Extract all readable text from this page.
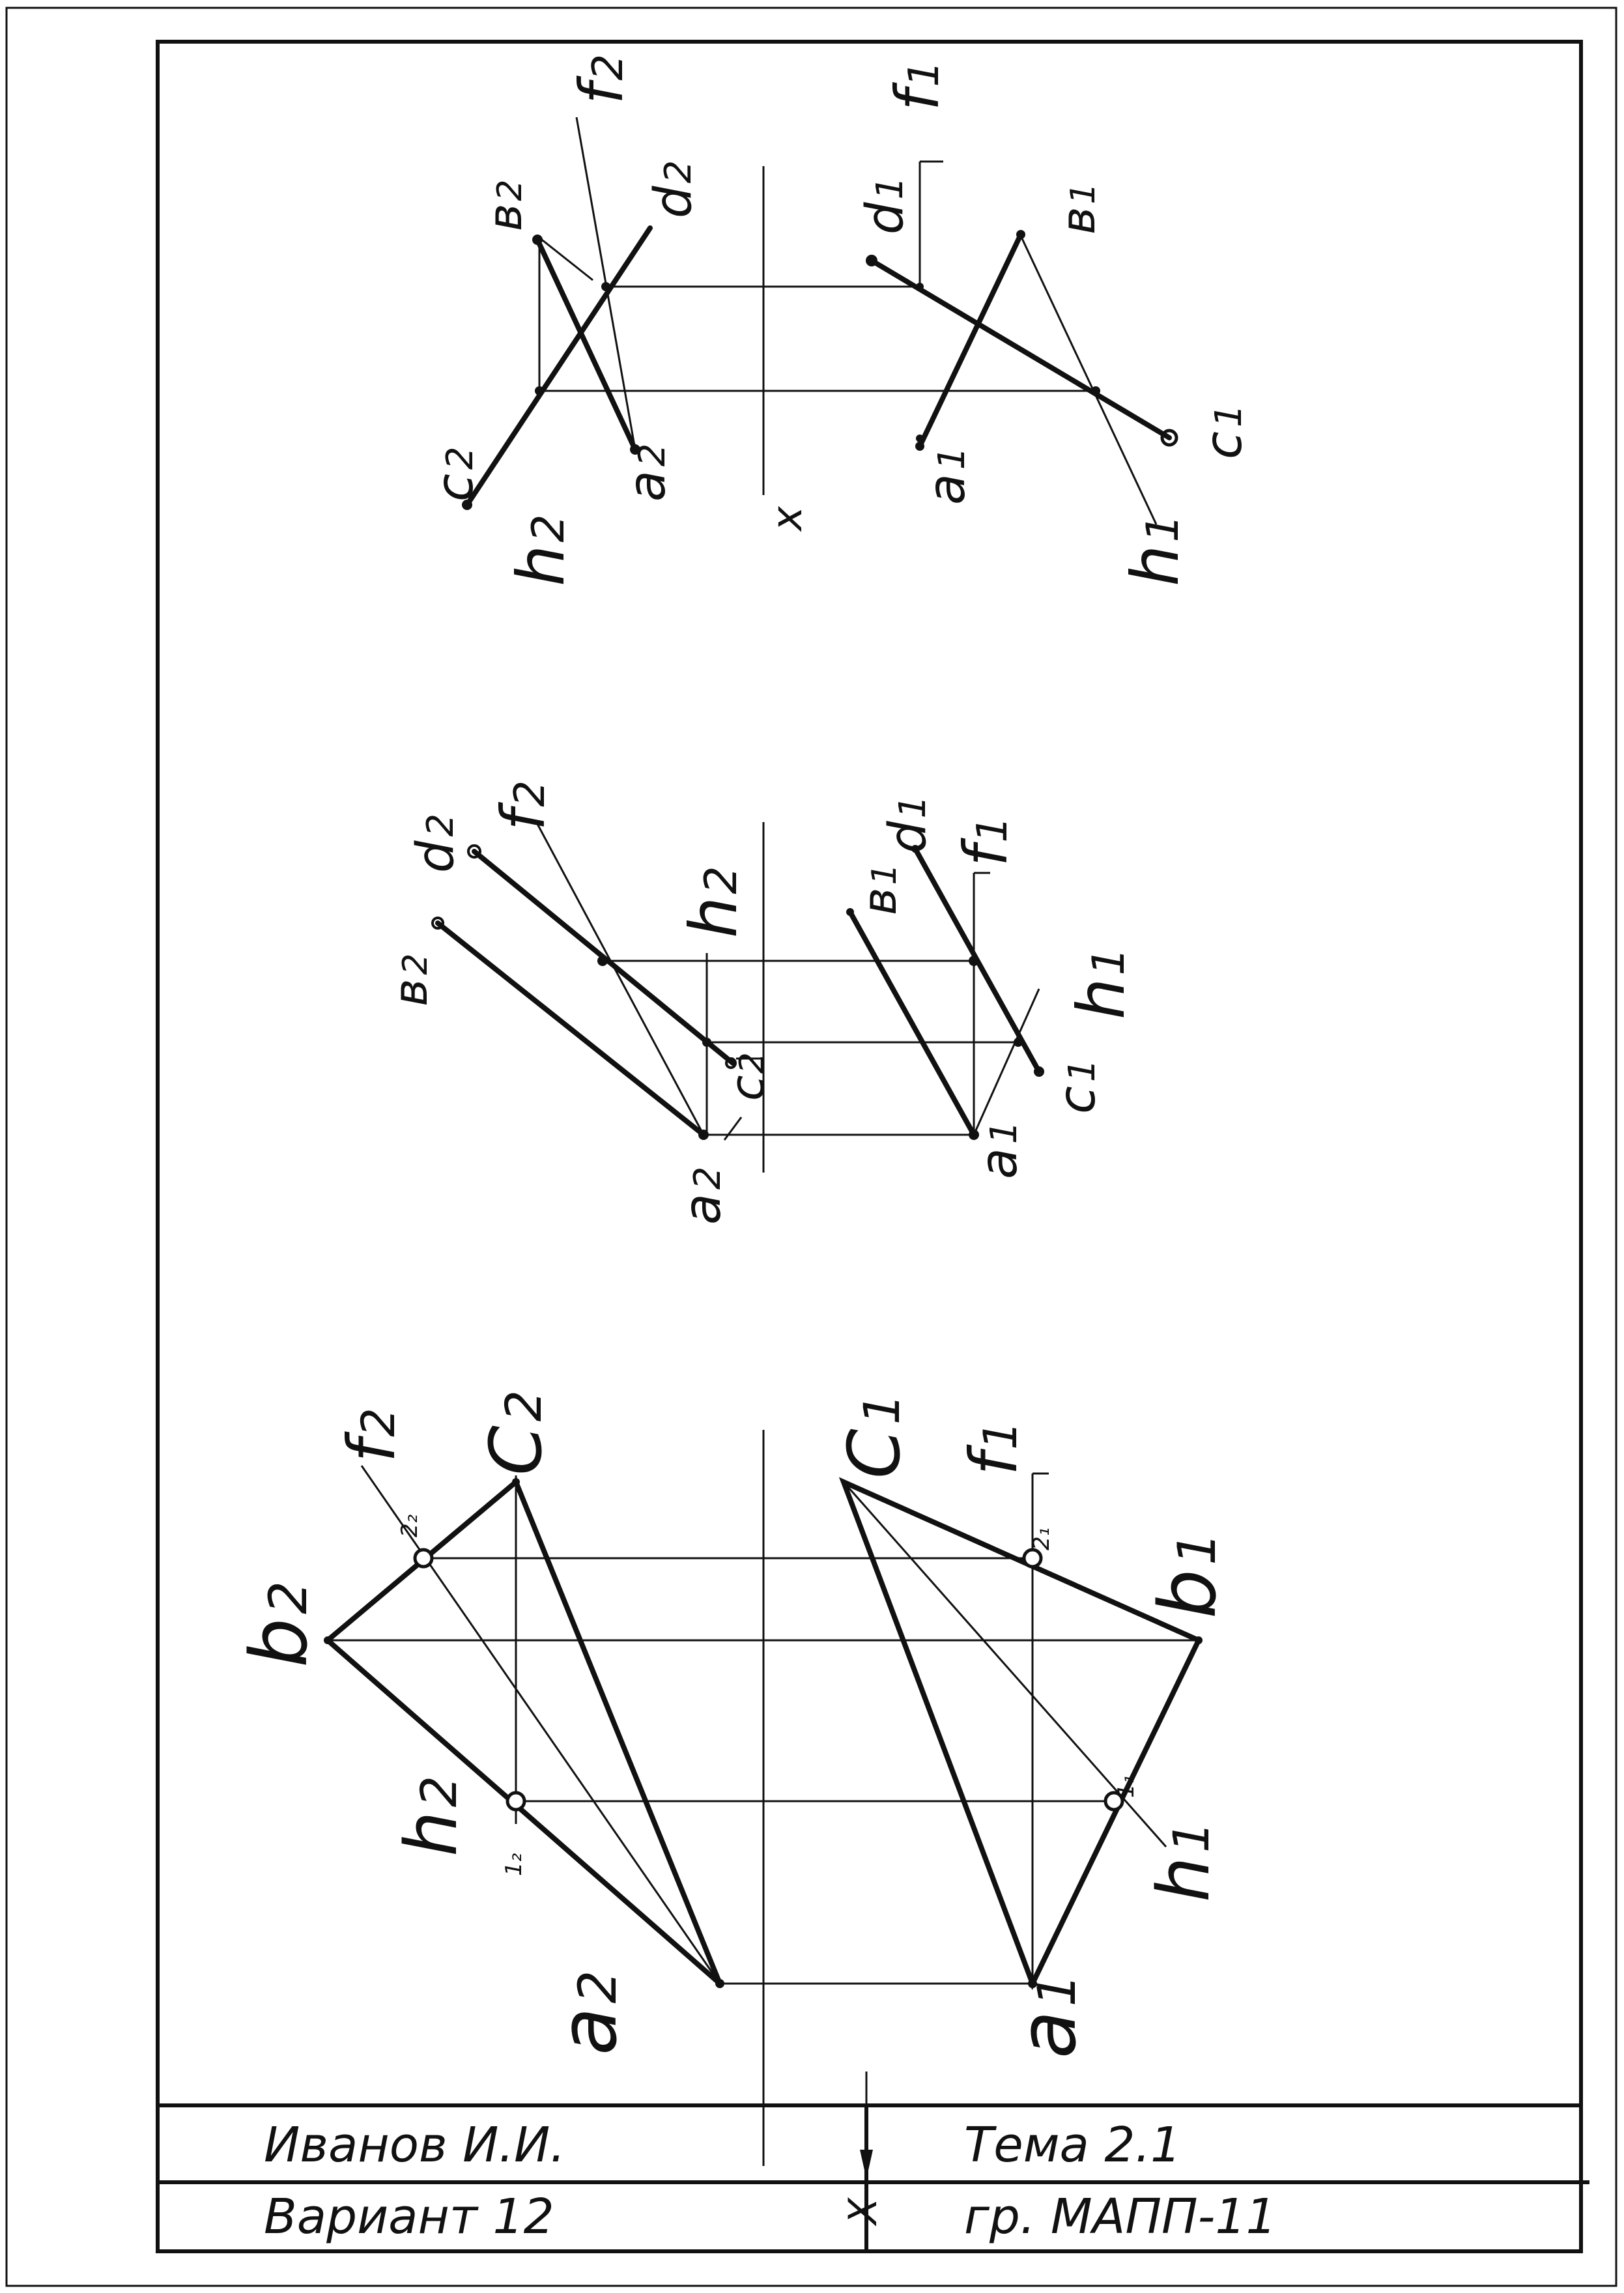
Иванов И.И.
Вариант 12
Тема 2.1
гр. МАПП-11
X
c2
h2
в2 d2
f2
a2
x
f1
d1
в1
a1	c1
h1
в2
d2 f2
h2
c2
a2
в1
d1
f1
h1
c1
a1
b2
f2
C2
h2
a2
2₂
1₂
C1
f1
2₁
b1
1₁
h1
a1
